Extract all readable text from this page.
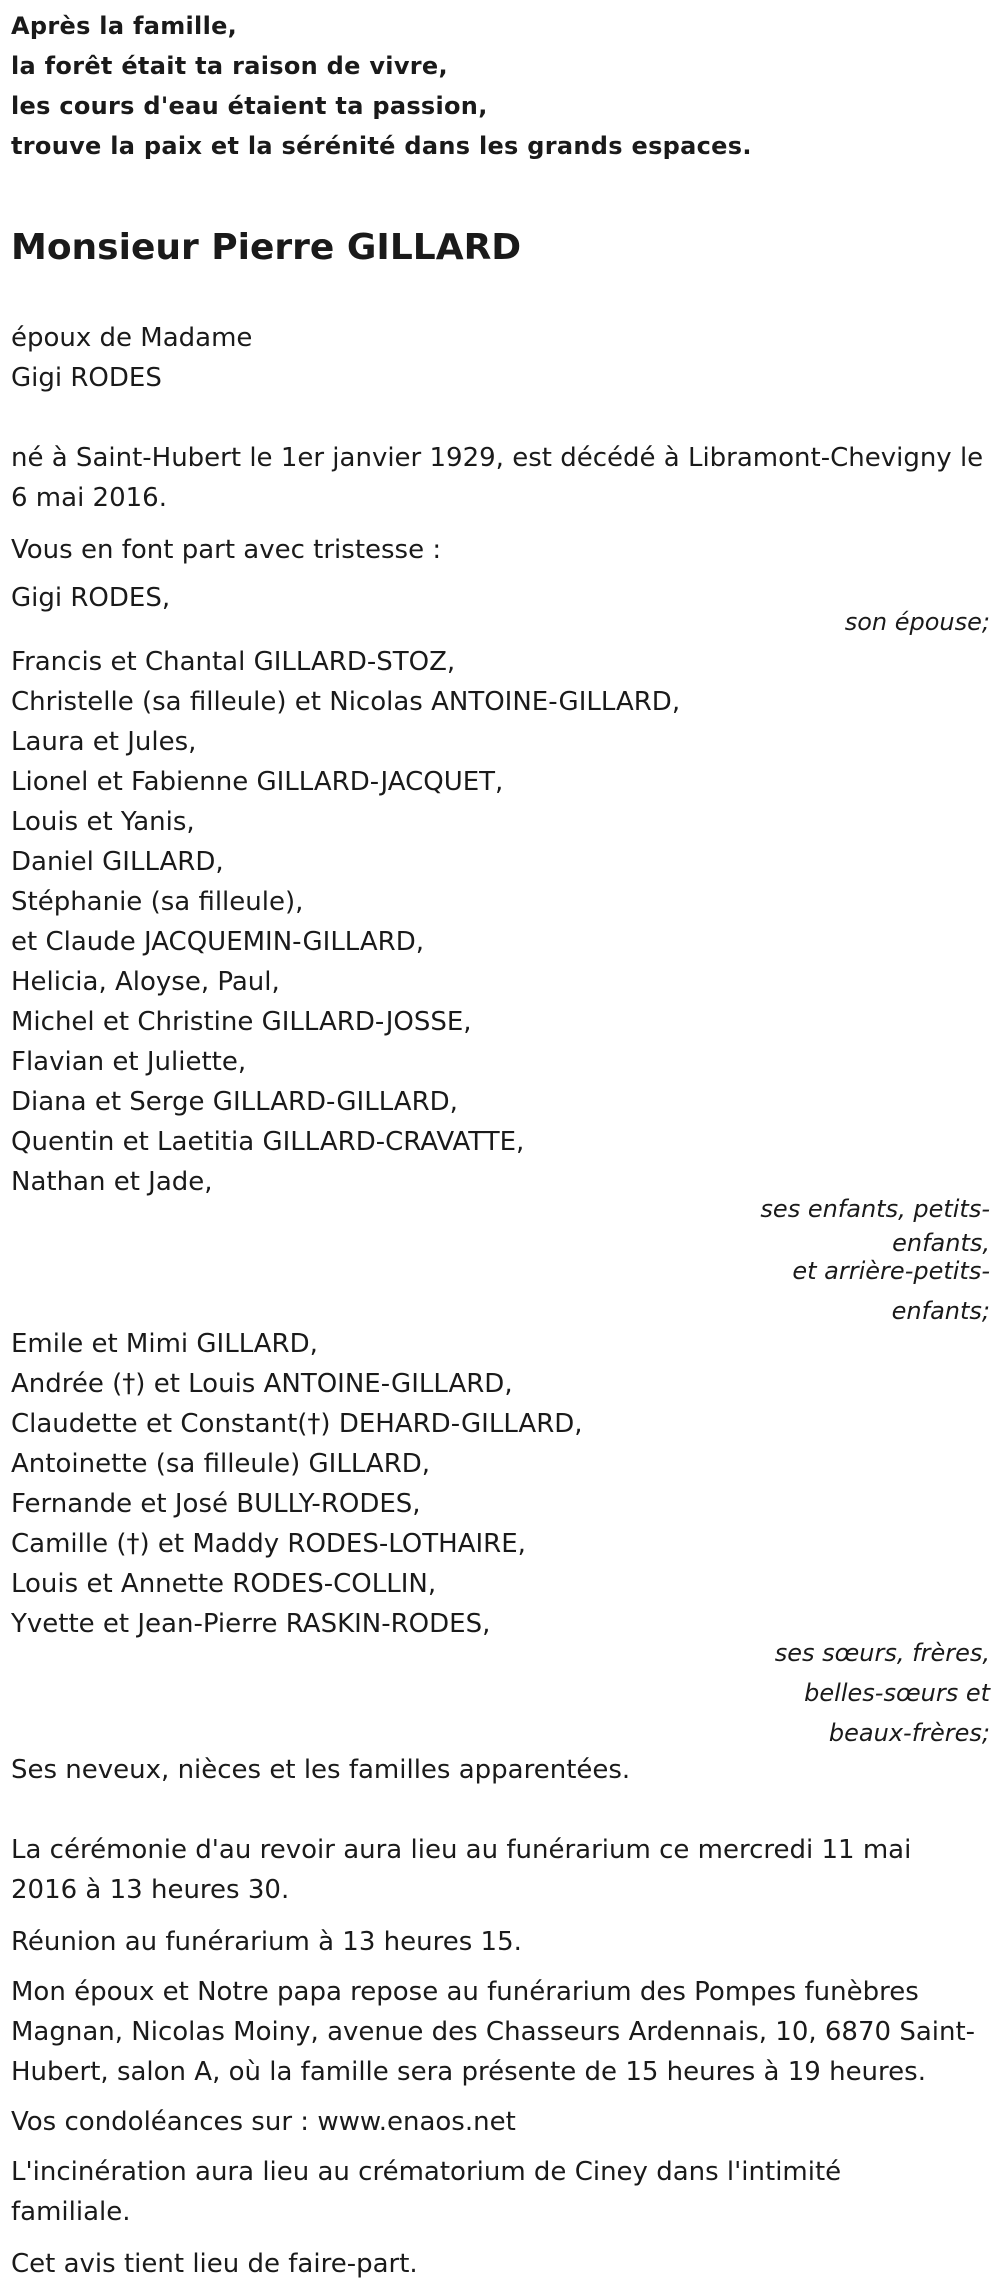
Après la famille,

la forêt était ta raison de vivre,

les cours d'eau étaient ta passion,

trouve la paix et la sérénité dans les grands espaces.

Monsieur Pierre GILLARD

époux de Madame

Gigi RODES

né à Saint-Hubert le 1er janvier 1929, est décédé à Libramont-Chevigny le

6 mai 2016.

Vous en font part avec tristesse :

Gigi RODES,

son épouse;

Francis et Chantal GILLARD-STOZ,

Christelle (sa filleule) et Nicolas ANTOINE-GILLARD,

Laura et Jules,

Lionel et Fabienne GILLARD-JACQUET,

Louis et Yanis,

Daniel GILLARD,

Stéphanie (sa filleule),

et Claude JACQUEMIN-GILLARD,

Helicia, Aloyse, Paul,

Michel et Christine GILLARD-JOSSE,

Flavian et Juliette,

Diana et Serge GILLARD-GILLARD,

Quentin et Laetitia GILLARD-CRAVATTE,

Nathan et Jade,

ses enfants, petits-
enfants,
et arrière-petits-
enfants;

Emile et Mimi GILLARD,

Andrée (†) et Louis ANTOINE-GILLARD,

Claudette et Constant(†) DEHARD-GILLARD,

Antoinette (sa filleule) GILLARD,

Fernande et José BULLY-RODES,

Camille (†) et Maddy RODES-LOTHAIRE,

Louis et Annette RODES-COLLIN,

Yvette et Jean-Pierre RASKIN-RODES,

ses sœurs, frères,
belles-sœurs et
beaux-frères;

Ses neveux, nièces et les familles apparentées.

La cérémonie d'au revoir aura lieu au funérarium ce mercredi 11 mai

2016 à 13 heures 30.

Réunion au funérarium à 13 heures 15.

Mon époux et Notre papa repose au funérarium des Pompes funèbres

Magnan, Nicolas Moiny, avenue des Chasseurs Ardennais, 10, 6870 Saint-

Hubert, salon A, où la famille sera présente de 15 heures à 19 heures.

Vos condoléances sur : www.enaos.net

L'incinération aura lieu au crématorium de Ciney dans l'intimité

familiale.

Cet avis tient lieu de faire-part.
